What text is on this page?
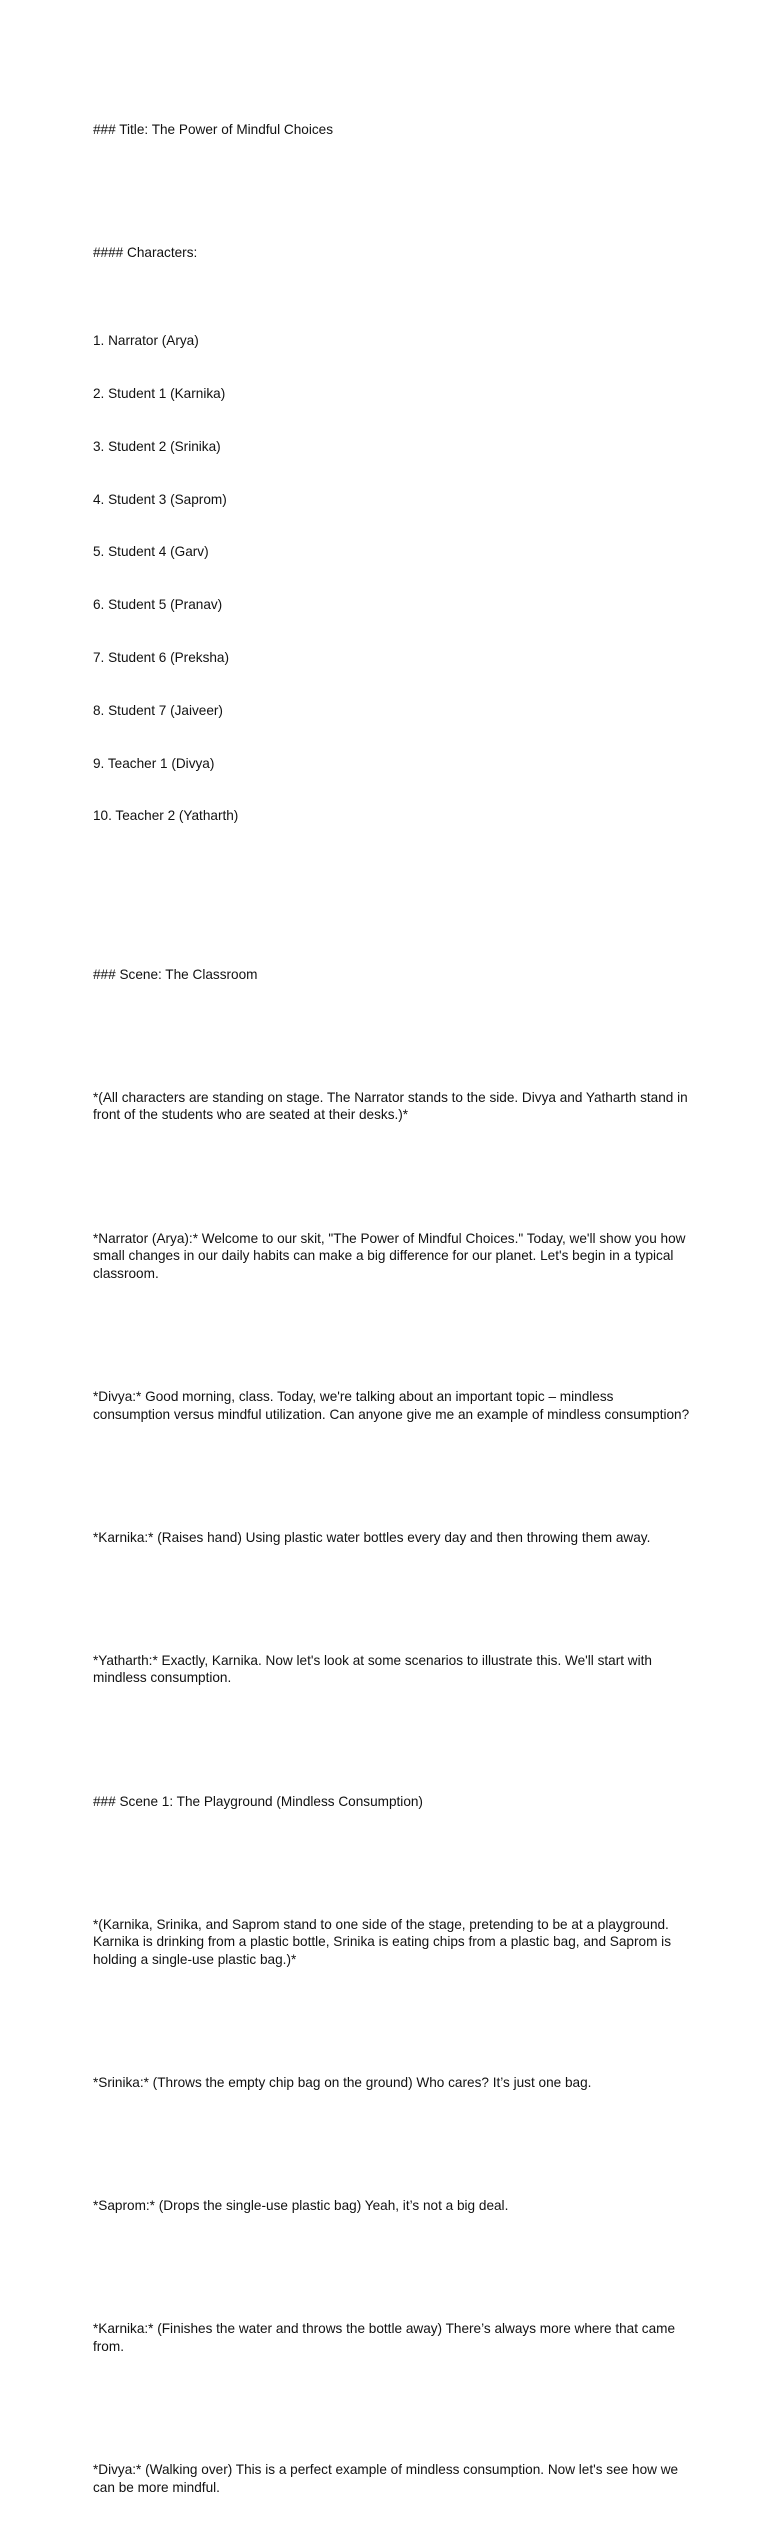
### Title: The Power of Mindful Choices

#### Characters:

1. Narrator (Arya)

2. Student 1 (Karnika)

3. Student 2 (Srinika)

4. Student 3 (Saprom)

5. Student 4 (Garv)

6. Student 5 (Pranav)

7. Student 6 (Preksha)

8. Student 7 (Jaiveer)

9. Teacher 1 (Divya)

10. Teacher 2 (Yatharth)

### Scene: The Classroom

*(All characters are standing on stage. The Narrator stands to the side. Divya and Yatharth stand in front of the students who are seated at their desks.)*

*Narrator (Arya):* Welcome to our skit, "The Power of Mindful Choices." Today, we'll show you how small changes in our daily habits can make a big difference for our planet. Let's begin in a typical classroom.

*Divya:* Good morning, class. Today, we're talking about an important topic – mindless consumption versus mindful utilization. Can anyone give me an example of mindless consumption?

*Karnika:* (Raises hand) Using plastic water bottles every day and then throwing them away.

*Yatharth:* Exactly, Karnika. Now let's look at some scenarios to illustrate this. We'll start with mindless consumption.

### Scene 1: The Playground (Mindless Consumption)

*(Karnika, Srinika, and Saprom stand to one side of the stage, pretending to be at a playground. Karnika is drinking from a plastic bottle, Srinika is eating chips from a plastic bag, and Saprom is holding a single-use plastic bag.)*

*Srinika:* (Throws the empty chip bag on the ground) Who cares? It’s just one bag.

*Saprom:* (Drops the single-use plastic bag) Yeah, it’s not a big deal.

*Karnika:* (Finishes the water and throws the bottle away) There’s always more where that came from.

*Divya:* (Walking over) This is a perfect example of mindless consumption. Now let's see how we can be more mindful.
